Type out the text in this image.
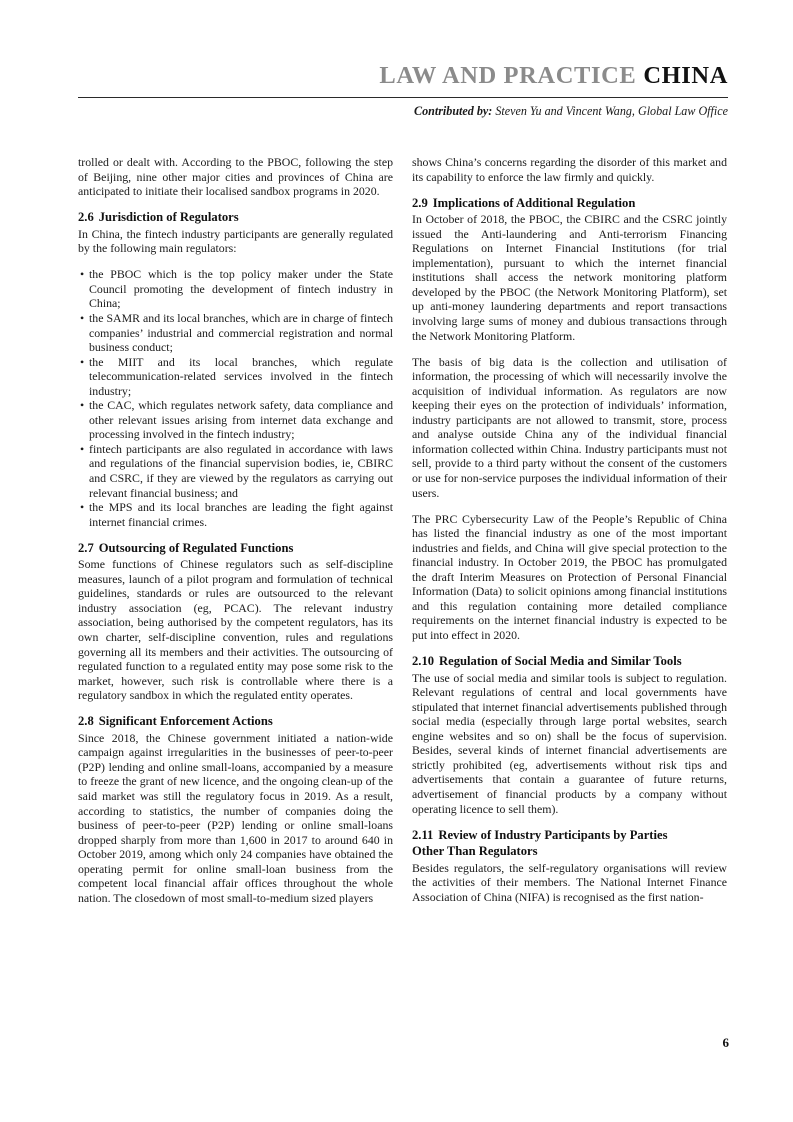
LAW AND PRACTICE CHINA
Contributed by: Steven Yu and Vincent Wang, Global Law Office

trolled or dealt with. According to the PBOC, following the step of Beijing, nine other major cities and provinces of China are anticipated to initiate their localised sandbox programs in 2020.

2.6 Jurisdiction of Regulators

In China, the fintech industry participants are generally regulated by the following main regulators:

• the PBOC which is the top policy maker under the State Council promoting the development of fintech industry in China;
• the SAMR and its local branches, which are in charge of fintech companies’ industrial and commercial registration and normal business conduct;
• the MIIT and its local branches, which regulate telecommunication-related services involved in the fintech industry;
• the CAC, which regulates network safety, data compliance and other relevant issues arising from internet data exchange and processing involved in the fintech industry;
• fintech participants are also regulated in accordance with laws and regulations of the financial supervision bodies, ie, CBIRC and CSRC, if they are viewed by the regulators as carrying out relevant financial business; and
• the MPS and its local branches are leading the fight against internet financial crimes.
2.7 Outsourcing of Regulated Functions

Some functions of Chinese regulators such as self-discipline measures, launch of a pilot program and formulation of technical guidelines, standards or rules are outsourced to the relevant industry association (eg, PCAC). The relevant industry association, being authorised by the competent regulators, has its own charter, self-discipline convention, rules and regulations governing all its members and their activities. The outsourcing of regulated function to a regulated entity may pose some risk to the market, however, such risk is controllable where there is a regulatory sandbox in which the regulated entity operates.

2.8 Significant Enforcement Actions

Since 2018, the Chinese government initiated a nation-wide campaign against irregularities in the businesses of peer-to-peer (P2P) lending and online small-loans, accompanied by a measure to freeze the grant of new licence, and the ongoing clean-up of the said market was still the regulatory focus in 2019. As a result, according to statistics, the number of companies doing the business of peer-to-peer (P2P) lending or online small-loans dropped sharply from more than 1,600 in 2017 to around 640 in October 2019, among which only 24 companies have obtained the operating permit for online small-loan business from the competent local financial affair offices throughout the whole nation. The closedown of most small-to-medium sized players

shows China’s concerns regarding the disorder of this market and its capability to enforce the law firmly and quickly.

2.9 Implications of Additional Regulation

In October of 2018, the PBOC, the CBIRC and the CSRC jointly issued the Anti-laundering and Anti-terrorism Financing Regulations on Internet Financial Institutions (for trial implementation), pursuant to which the internet financial institutions shall access the network monitoring platform developed by the PBOC (the Network Monitoring Platform), set up anti-money laundering departments and report transactions involving large sums of money and dubious transactions through the Network Monitoring Platform.

The basis of big data is the collection and utilisation of information, the processing of which will necessarily involve the acquisition of individual information. As regulators are now keeping their eyes on the protection of individuals’ information, industry participants are not allowed to transmit, store, process and analyse outside China any of the individual financial information collected within China. Industry participants must not sell, provide to a third party without the consent of the customers or use for non-service purposes the individual information of their users.

The PRC Cybersecurity Law of the People’s Republic of China has listed the financial industry as one of the most important industries and fields, and China will give special protection to the financial industry. In October 2019, the PBOC has promulgated the draft Interim Measures on Protection of Personal Financial Information (Data) to solicit opinions among financial institutions and this regulation containing more detailed compliance requirements on the internet financial industry is expected to be put into effect in 2020.

2.10 Regulation of Social Media and Similar Tools

The use of social media and similar tools is subject to regulation. Relevant regulations of central and local governments have stipulated that internet financial advertisements published through social media (especially through large portal websites, search engine websites and so on) shall be the focus of supervision. Besides, several kinds of internet financial advertisements are strictly prohibited (eg, advertisements without risk tips and advertisements that contain a guarantee of future returns, advertisement of financial products by a company without operating licence to sell them).

2.11 Review of Industry Participants by Parties
Other Than Regulators

Besides regulators, the self-regulatory organisations will review the activities of their members. The National Internet Finance Association of China (NIFA) is recognised as the first nation-

6
